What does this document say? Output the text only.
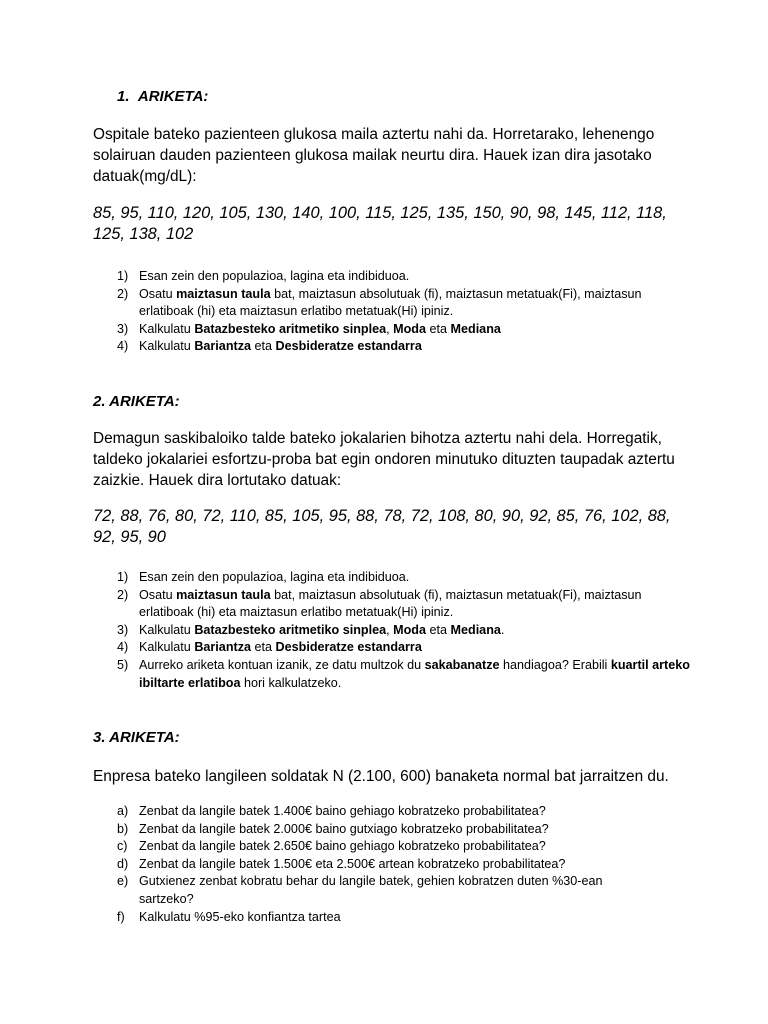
1. ARIKETA:
Ospitale bateko pazienteen glukosa maila aztertu nahi da. Horretarako, lehenengo solairuan dauden pazienteen glukosa mailak neurtu dira. Hauek izan dira jasotako datuak(mg/dL):
85, 95, 110, 120, 105, 130, 140, 100, 115, 125, 135, 150, 90, 98, 145, 112, 118, 125, 138, 102
1) Esan zein den populazioa, lagina eta indibiduoa.
2) Osatu maiztasun taula bat, maiztasun absolutuak (fi), maiztasun metatuak(Fi), maiztasun erlatiboak (hi) eta maiztasun erlatibo metatuak(Hi) ipiniz.
3) Kalkulatu Batazbesteko aritmetiko sinplea, Moda eta Mediana
4) Kalkulatu Bariantza eta Desbideratze estandarra
2. ARIKETA:
Demagun saskibaloiko talde bateko jokalarien bihotza aztertu nahi dela. Horregatik, taldeko jokalariei esfortzu-proba bat egin ondoren minutuko dituzten taupadak aztertu zaizkie. Hauek dira lortutako datuak:
72, 88, 76, 80, 72, 110, 85, 105, 95, 88, 78, 72, 108, 80, 90, 92, 85, 76, 102, 88, 92, 95, 90
1) Esan zein den populazioa, lagina eta indibiduoa.
2) Osatu maiztasun taula bat, maiztasun absolutuak (fi), maiztasun metatuak(Fi), maiztasun erlatiboak (hi) eta maiztasun erlatibo metatuak(Hi) ipiniz.
3) Kalkulatu Batazbesteko aritmetiko sinplea, Moda eta Mediana.
4) Kalkulatu Bariantza eta Desbideratze estandarra
5) Aurreko ariketa kontuan izanik, ze datu multzok du sakabanatze handiagoa? Erabili kuartil arteko ibiltarte erlatiboa hori kalkulatzeko.
3. ARIKETA:
Enpresa bateko langileen soldatak N (2.100, 600) banaketa normal bat jarraitzen du.
a) Zenbat da langile batek 1.400€ baino gehiago kobratzeko probabilitatea?
b) Zenbat da langile batek 2.000€ baino gutxiago kobratzeko probabilitatea?
c) Zenbat da langile batek 2.650€ baino gehiago kobratzeko probabilitatea?
d) Zenbat da langile batek 1.500€ eta 2.500€ artean kobratzeko probabilitatea?
e) Gutxienez zenbat kobratu behar du langile batek, gehien kobratzen duten %30-ean sartzeko?
f) Kalkulatu %95-eko konfiantza tartea
